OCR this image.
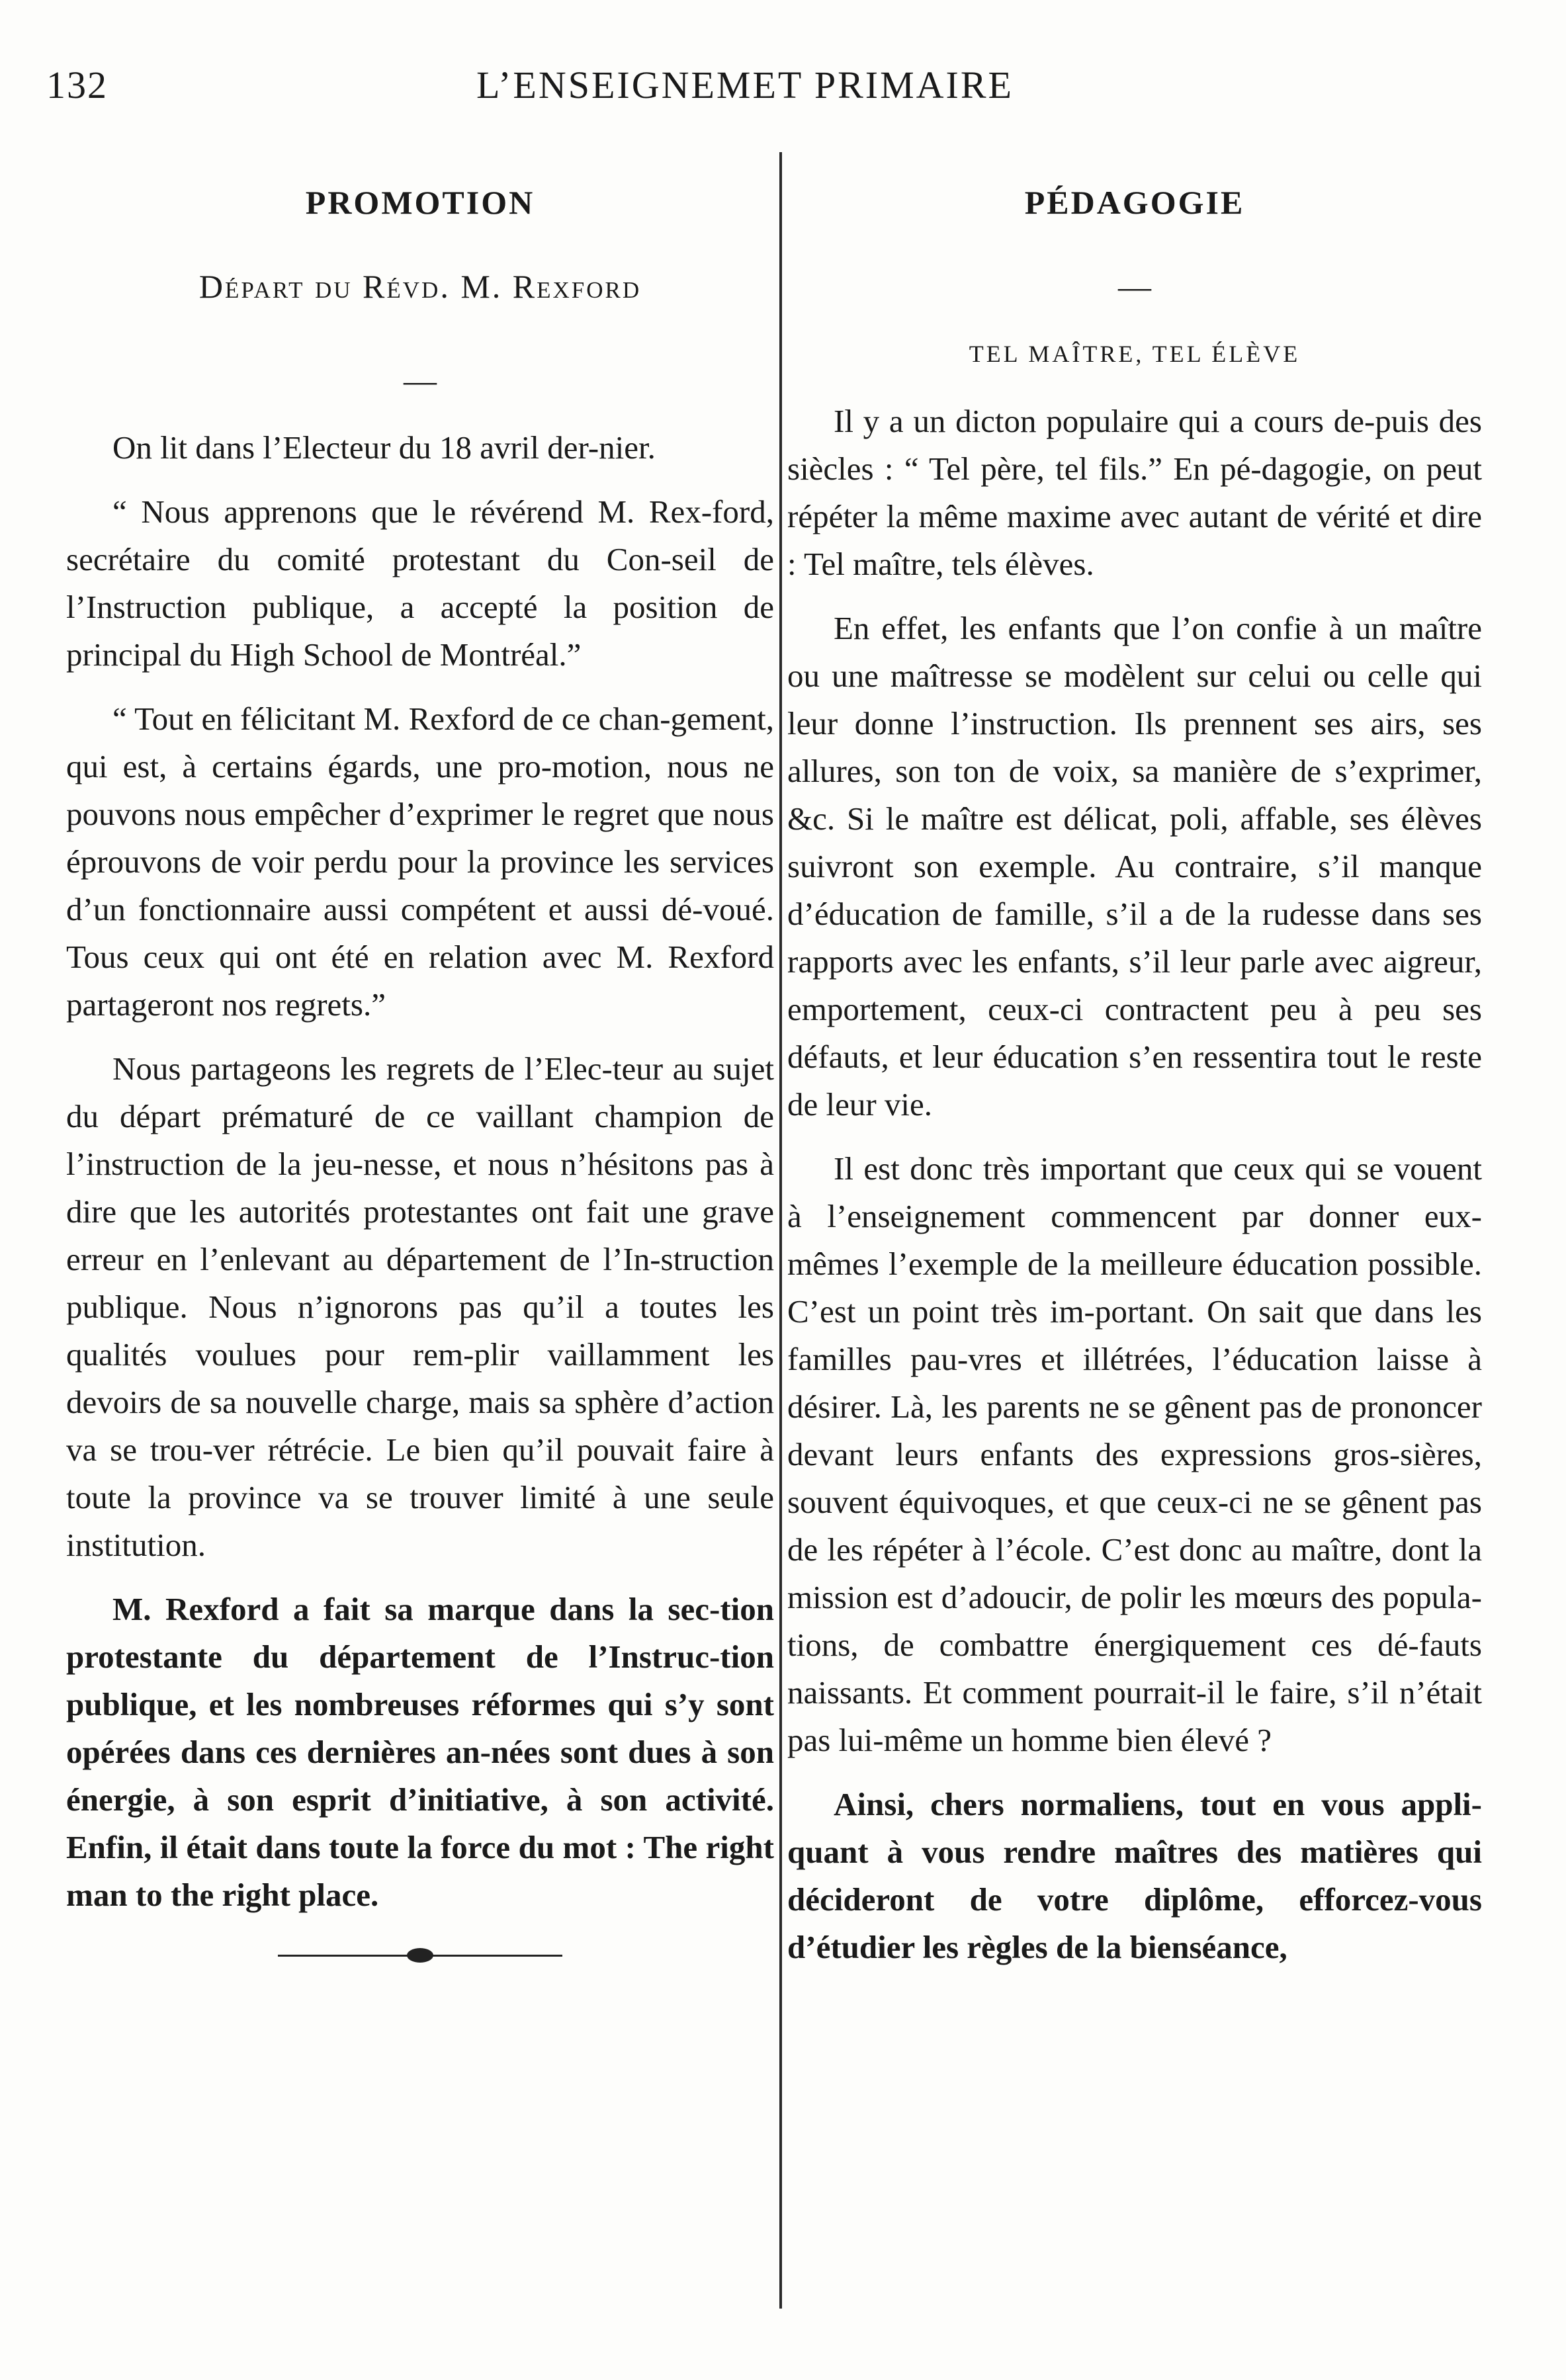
132	L’ENSEIGNEMET PRIMAIRE
PROMOTION
Départ du Révd. M. Rexford
—

On lit dans l’Electeur du 18 avril der-nier.

“ Nous apprenons que le révérend M. Rex-ford, secrétaire du comité protestant du Con-seil de l’Instruction publique, a accepté la position de principal du High School de Montréal.”

“ Tout en félicitant M. Rexford de ce chan-gement, qui est, à certains égards, une pro-motion, nous ne pouvons nous empêcher d’exprimer le regret que nous éprouvons de voir perdu pour la province les services d’un fonctionnaire aussi compétent et aussi dé-voué. Tous ceux qui ont été en relation avec M. Rexford partageront nos regrets.”

Nous partageons les regrets de l’Elec-teur au sujet du départ prématuré de ce vaillant champion de l’instruction de la jeu-nesse, et nous n’hésitons pas à dire que les autorités protestantes ont fait une grave erreur en l’enlevant au département de l’In-struction publique. Nous n’ignorons pas qu’il a toutes les qualités voulues pour rem-plir vaillamment les devoirs de sa nouvelle charge, mais sa sphère d’action va se trou-ver rétrécie. Le bien qu’il pouvait faire à toute la province va se trouver limité à une seule institution.

M. Rexford a fait sa marque dans la sec-tion protestante du département de l’Instruc-tion publique, et les nombreuses réformes qui s’y sont opérées dans ces dernières an-nées sont dues à son énergie, à son esprit d’initiative, à son activité. Enfin, il était dans toute la force du mot : The right man to the right place.

PÉDAGOGIE
—
TEL MAÎTRE, TEL ÉLÈVE

Il y a un dicton populaire qui a cours de-puis des siècles : “ Tel père, tel fils.” En pé-dagogie, on peut répéter la même maxime avec autant de vérité et dire : Tel maître, tels élèves.

En effet, les enfants que l’on confie à un maître ou une maîtresse se modèlent sur celui ou celle qui leur donne l’instruction. Ils prennent ses airs, ses allures, son ton de voix, sa manière de s’exprimer, &c. Si le maître est délicat, poli, affable, ses élèves suivront son exemple. Au contraire, s’il manque d’éducation de famille, s’il a de la rudesse dans ses rapports avec les enfants, s’il leur parle avec aigreur, emportement, ceux-ci contractent peu à peu ses défauts, et leur éducation s’en ressentira tout le reste de leur vie.

Il est donc très important que ceux qui se vouent à l’enseignement commencent par donner eux-mêmes l’exemple de la meilleure éducation possible. C’est un point très im-portant. On sait que dans les familles pau-vres et illétrées, l’éducation laisse à désirer. Là, les parents ne se gênent pas de prononcer devant leurs enfants des expressions gros-sières, souvent équivoques, et que ceux-ci ne se gênent pas de les répéter à l’école. C’est donc au maître, dont la mission est d’adoucir, de polir les mœurs des popula-tions, de combattre énergiquement ces dé-fauts naissants. Et comment pourrait-il le faire, s’il n’était pas lui-même un homme bien élevé ?

Ainsi, chers normaliens, tout en vous appli-quant à vous rendre maîtres des matières qui décideront de votre diplôme, efforcez-vous d’étudier les règles de la bienséance,
